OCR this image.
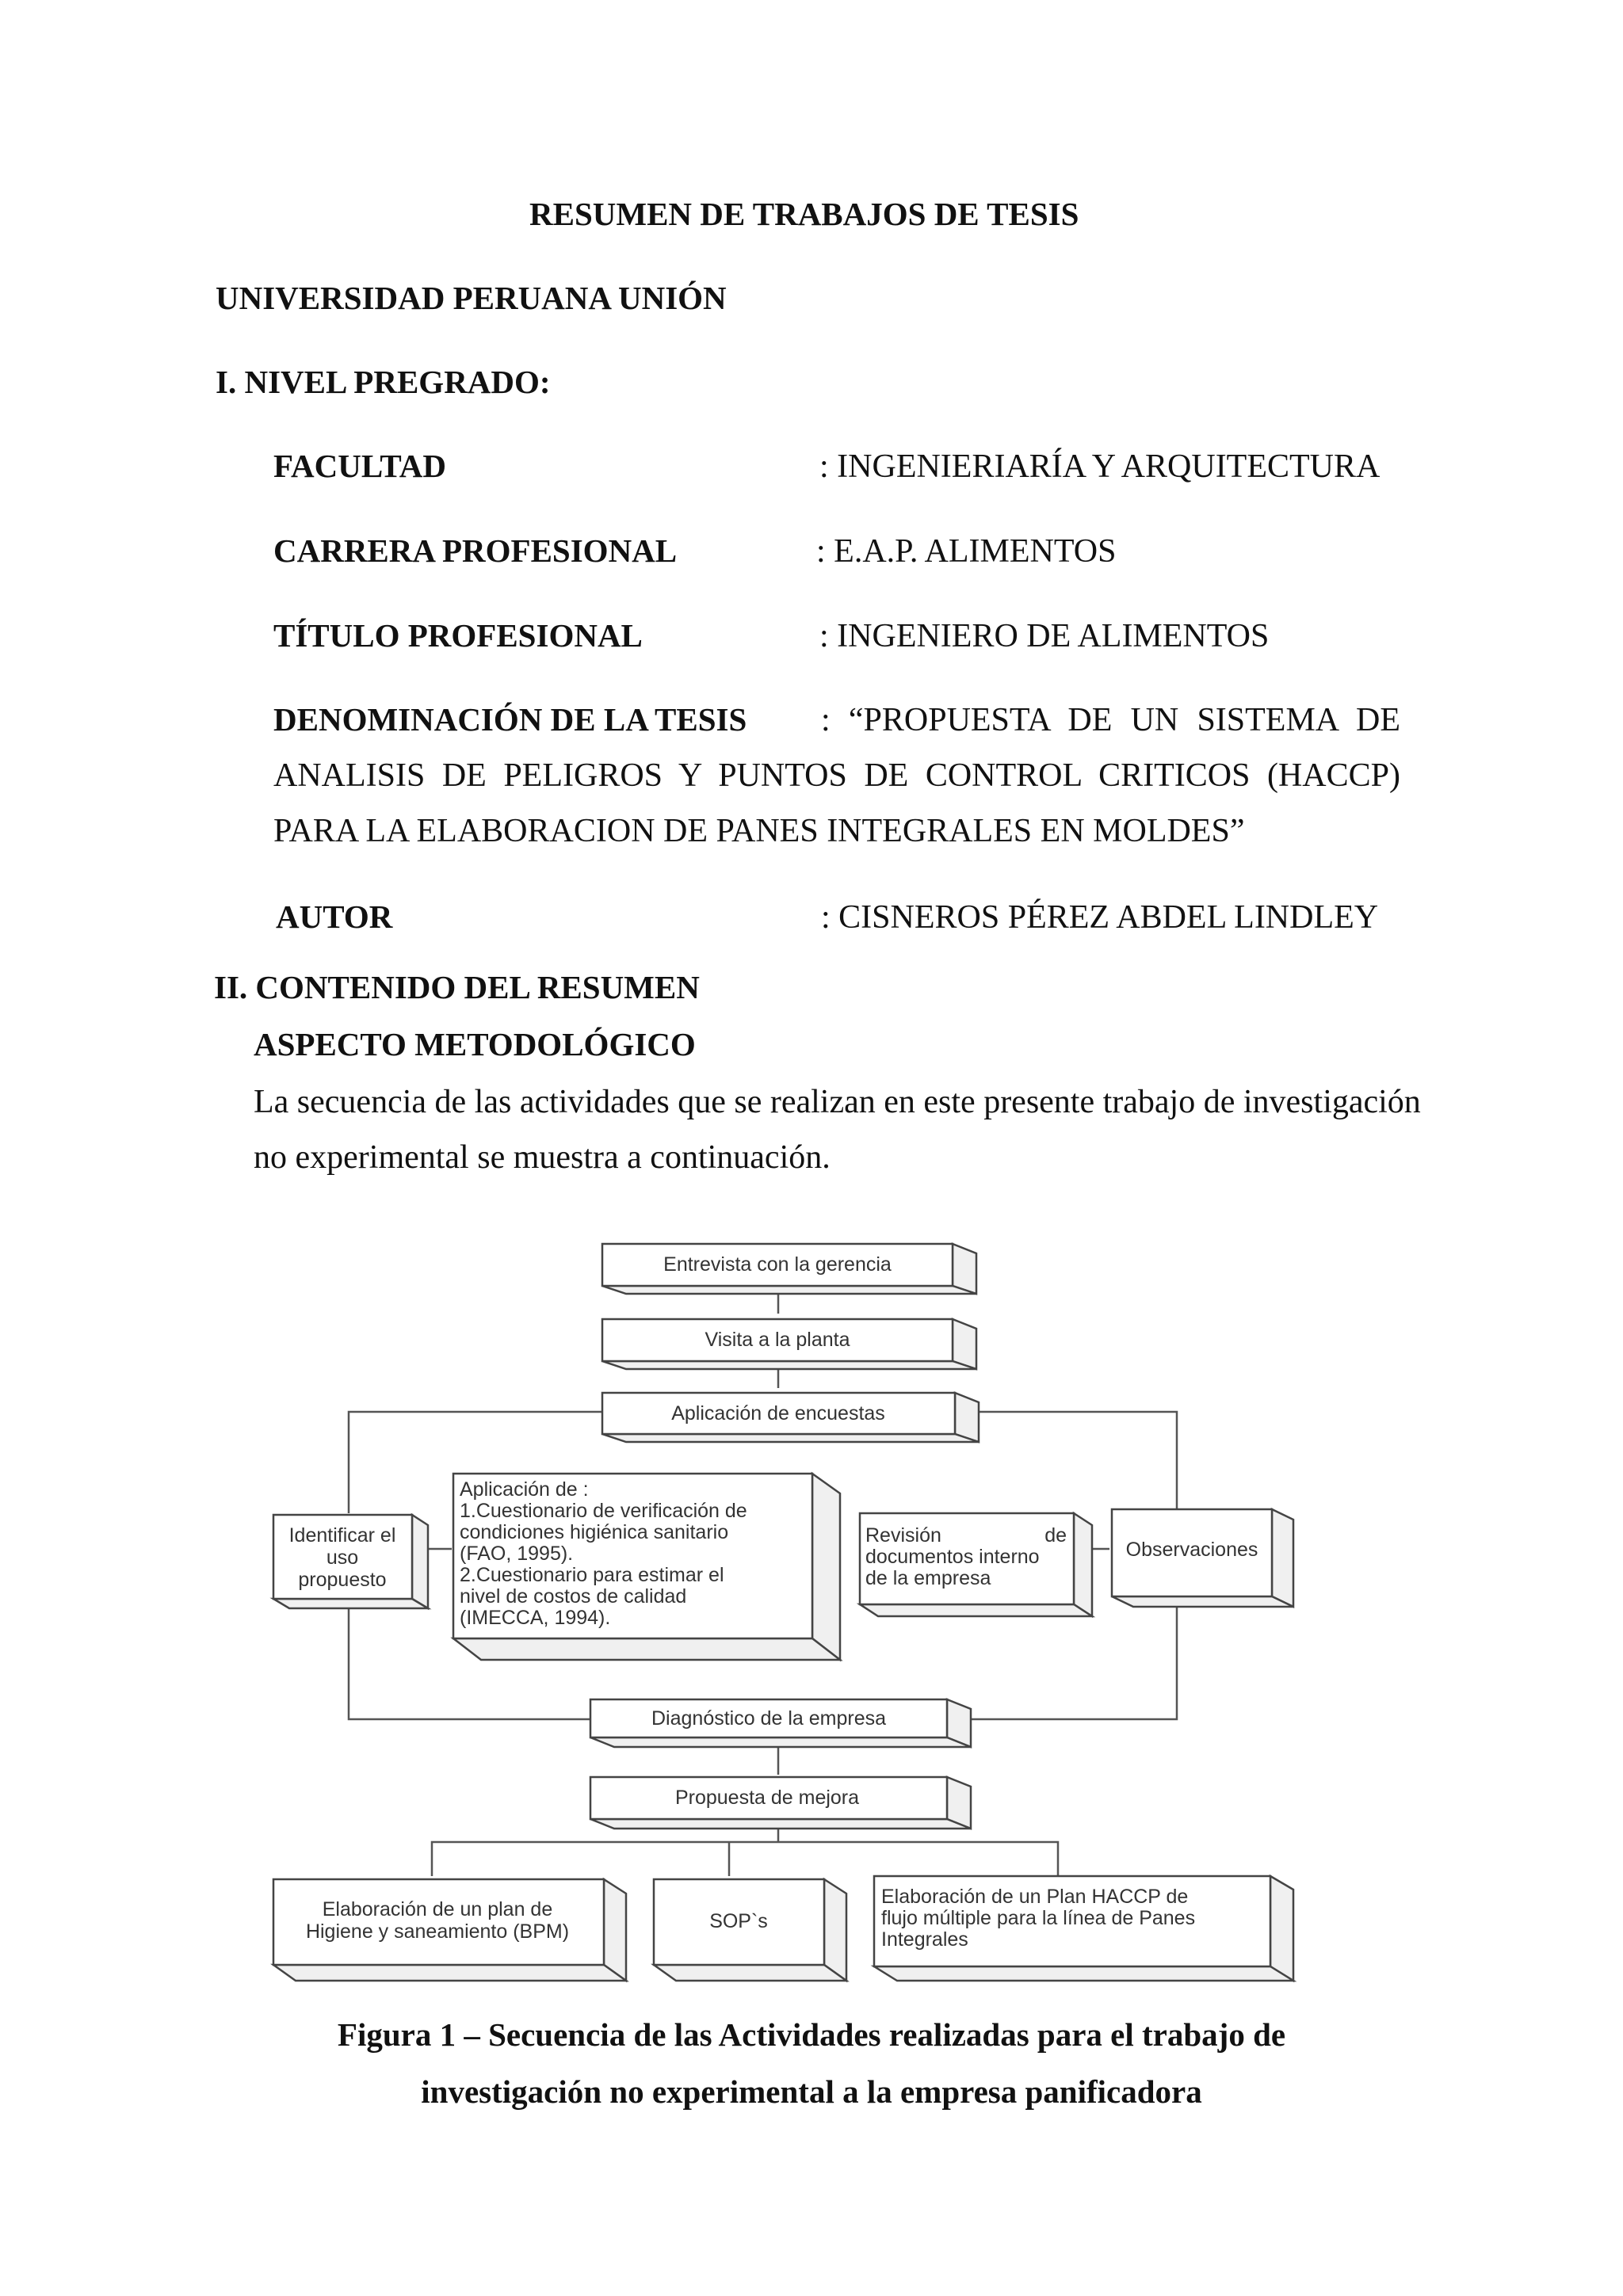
RESUMEN DE TRABAJOS DE TESIS
UNIVERSIDAD PERUANA UNIÓN
I. NIVEL PREGRADO:
FACULTAD	: INGENIERIARÍA Y ARQUITECTURA
CARRERA PROFESIONAL	: E.A.P. ALIMENTOS
TÍTULO PROFESIONAL	: INGENIERO DE ALIMENTOS
DENOMINACIÓN DE LA TESIS : “PROPUESTA DE UN SISTEMA DE
ANALISIS DE PELIGROS Y PUNTOS DE CONTROL CRITICOS (HACCP)
PARA LA ELABORACION DE PANES INTEGRALES EN MOLDES”
AUTOR	: CISNEROS PÉREZ ABDEL LINDLEY
II. CONTENIDO DEL RESUMEN
ASPECTO METODOLÓGICO
La secuencia de las actividades que se realizan en este presente trabajo de investigación
no experimental se muestra a continuación.
Entrevista con la gerencia
Visita a la planta
Aplicación de encuestas
Identificar el
uso
propuesto
Aplicación de :
1.Cuestionario de verificación de
condiciones higiénica sanitario
(FAO, 1995).
2.Cuestionario para estimar el
nivel de costos de calidad
(IMECCA, 1994).
Revisión	de
documentos interno
de la empresa
Observaciones
Diagnóstico de la empresa
Propuesta de mejora
Elaboración de un plan de
Higiene y saneamiento (BPM)	SOP`s
Elaboración de un Plan HACCP de
flujo múltiple para la línea de Panes
Integrales
Figura 1 – Secuencia de las Actividades realizadas para el trabajo de
investigación no experimental a la empresa panificadora
